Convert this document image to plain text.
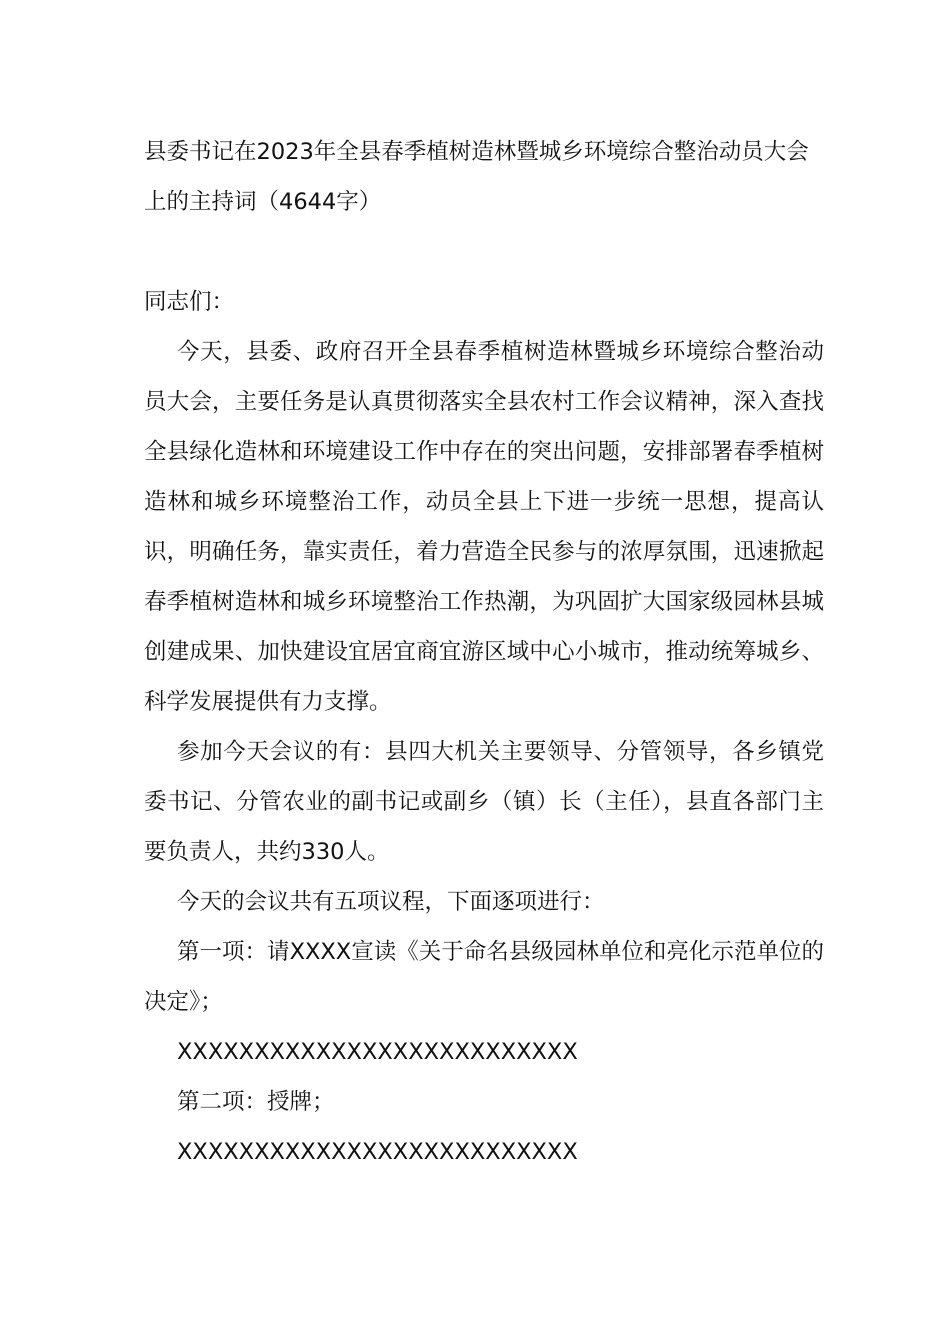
县委书记在2023年全县春季植树造林暨城乡环境综合整治动员大会上的主持词（4644字）

同志们：

今天，县委、政府召开全县春季植树造林暨城乡环境综合整治动员大会，主要任务是认真贯彻落实全县农村工作会议精神，深入查找全县绿化造林和环境建设工作中存在的突出问题，安排部署春季植树造林和城乡环境整治工作，动员全县上下进一步统一思想，提高认识，明确任务，靠实责任，着力营造全民参与的浓厚氛围，迅速掀起春季植树造林和城乡环境整治工作热潮，为巩固扩大国家级园林县城创建成果、加快建设宜居宜商宜游区域中心小城市，推动统筹城乡、科学发展提供有力支撑。

参加今天会议的有：县四大机关主要领导、分管领导，各乡镇党委书记、分管农业的副书记或副乡（镇）长（主任），县直各部门主要负责人，共约330人。

今天的会议共有五项议程，下面逐项进行：

第一项：请XXXX宣读《关于命名县级园林单位和亮化示范单位的决定》；

XXXXXXXXXXXXXXXXXXXXXXXXXX

第二项：授牌；

XXXXXXXXXXXXXXXXXXXXXXXXXX
